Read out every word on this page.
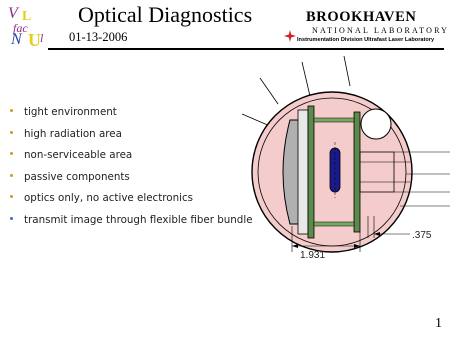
V L
fac
N U l
Optical Diagnostics
01-13-2006
BROOKHAVEN
NATIONAL LABORATORY
Instrumentation Division Ultrafast Laser Laboratory
tight environment
high radiation area
non-serviceable area
passive components
optics only, no active electronics
transmit image through flexible fiber bundle
1.931
.375
1
